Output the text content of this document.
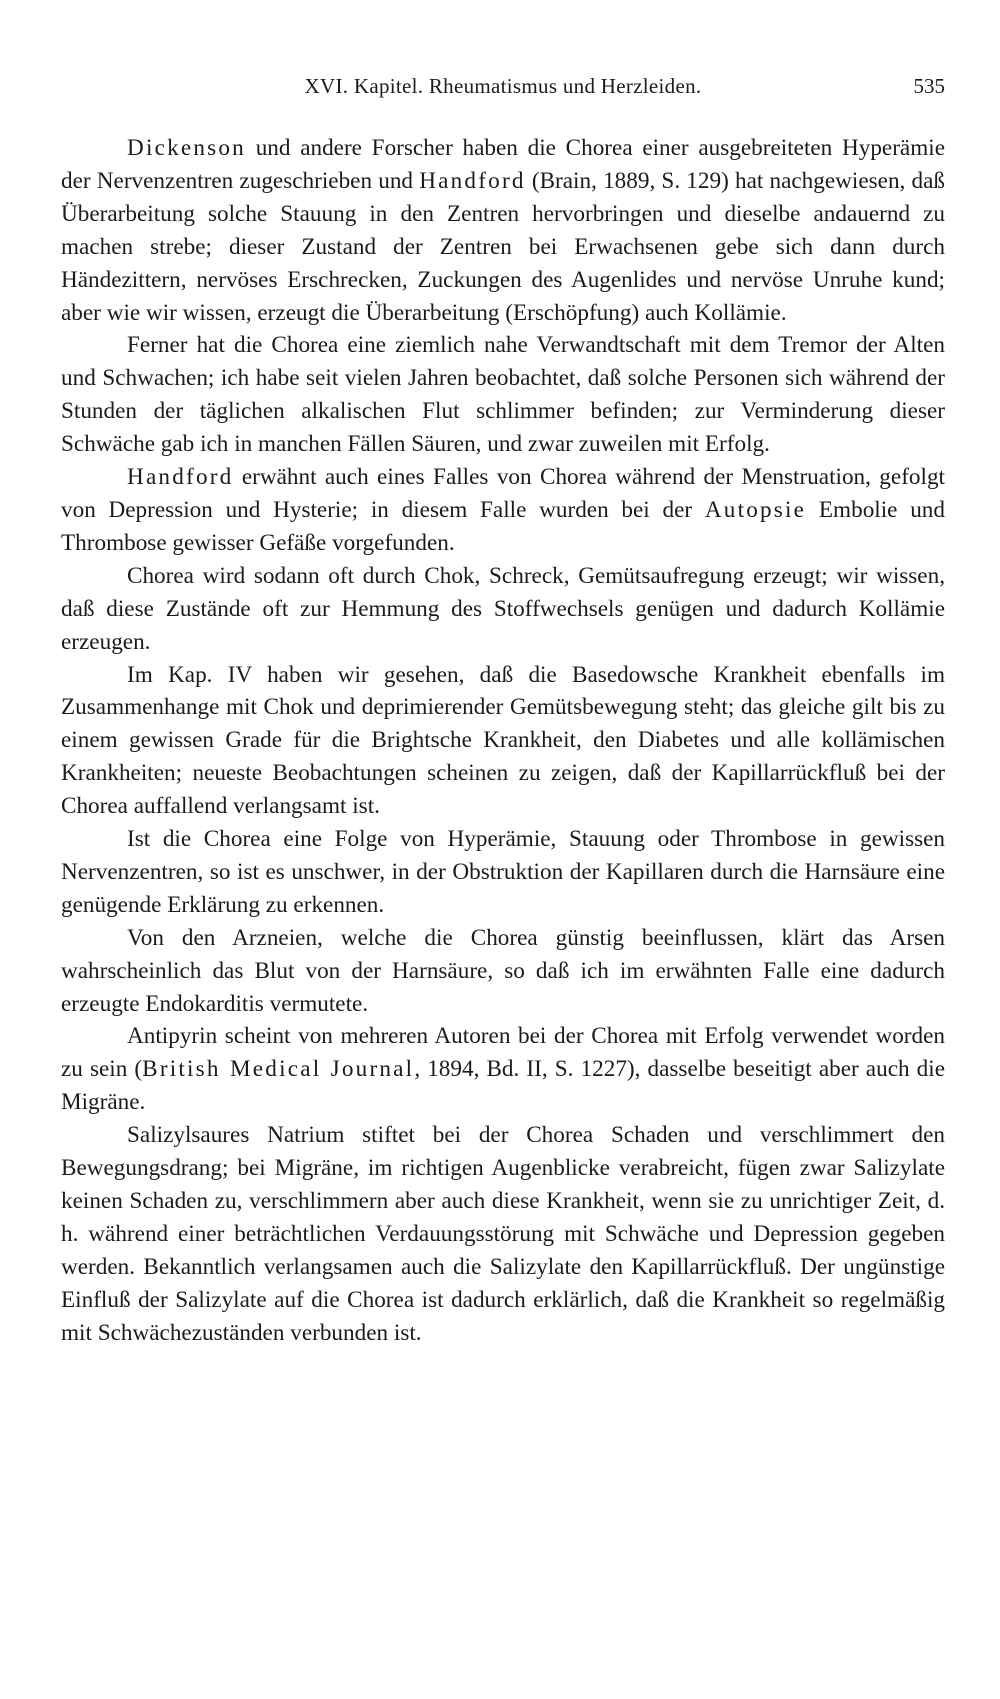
XVI. Kapitel. Rheumatismus und Herzleiden.	535

Dickenson und andere Forscher haben die Chorea einer ausgebreiteten Hyperämie der Nervenzentren zugeschrieben und Handford (Brain, 1889, S. 129) hat nachgewiesen, daß Überarbeitung solche Stauung in den Zentren hervorbringen und dieselbe andauernd zu machen strebe; dieser Zustand der Zentren bei Erwachsenen gebe sich dann durch Händezittern, nervöses Erschrecken, Zuckungen des Augenlides und nervöse Unruhe kund; aber wie wir wissen, erzeugt die Überarbeitung (Erschöpfung) auch Kollämie.

Ferner hat die Chorea eine ziemlich nahe Verwandtschaft mit dem Tremor der Alten und Schwachen; ich habe seit vielen Jahren beobachtet, daß solche Personen sich während der Stunden der täglichen alkalischen Flut schlimmer befinden; zur Verminderung dieser Schwäche gab ich in manchen Fällen Säuren, und zwar zuweilen mit Erfolg.

Handford erwähnt auch eines Falles von Chorea während der Menstruation, gefolgt von Depression und Hysterie; in diesem Falle wurden bei der Autopsie Embolie und Thrombose gewisser Gefäße vorgefunden.

Chorea wird sodann oft durch Chok, Schreck, Gemütsaufregung erzeugt; wir wissen, daß diese Zustände oft zur Hemmung des Stoffwechsels genügen und dadurch Kollämie erzeugen.

Im Kap. IV haben wir gesehen, daß die Basedowsche Krankheit ebenfalls im Zusammenhange mit Chok und deprimierender Gemütsbewegung steht; das gleiche gilt bis zu einem gewissen Grade für die Brightsche Krankheit, den Diabetes und alle kollämischen Krankheiten; neueste Beobachtungen scheinen zu zeigen, daß der Kapillarrückfluß bei der Chorea auffallend verlangsamt ist.

Ist die Chorea eine Folge von Hyperämie, Stauung oder Thrombose in gewissen Nervenzentren, so ist es unschwer, in der Obstruktion der Kapillaren durch die Harnsäure eine genügende Erklärung zu erkennen.

Von den Arzneien, welche die Chorea günstig beeinflussen, klärt das Arsen wahrscheinlich das Blut von der Harnsäure, so daß ich im erwähnten Falle eine dadurch erzeugte Endokarditis vermutete.

Antipyrin scheint von mehreren Autoren bei der Chorea mit Erfolg verwendet worden zu sein (British Medical Journal, 1894, Bd. II, S. 1227), dasselbe beseitigt aber auch die Migräne.

Salizylsaures Natrium stiftet bei der Chorea Schaden und verschlimmert den Bewegungsdrang; bei Migräne, im richtigen Augenblicke verabreicht, fügen zwar Salizylate keinen Schaden zu, verschlimmern aber auch diese Krankheit, wenn sie zu unrichtiger Zeit, d. h. während einer beträchtlichen Verdauungsstörung mit Schwäche und Depression gegeben werden. Bekanntlich verlangsamen auch die Salizylate den Kapillarrückfluß. Der ungünstige Einfluß der Salizylate auf die Chorea ist dadurch erklärlich, daß die Krankheit so regelmäßig mit Schwächezuständen verbunden ist.
